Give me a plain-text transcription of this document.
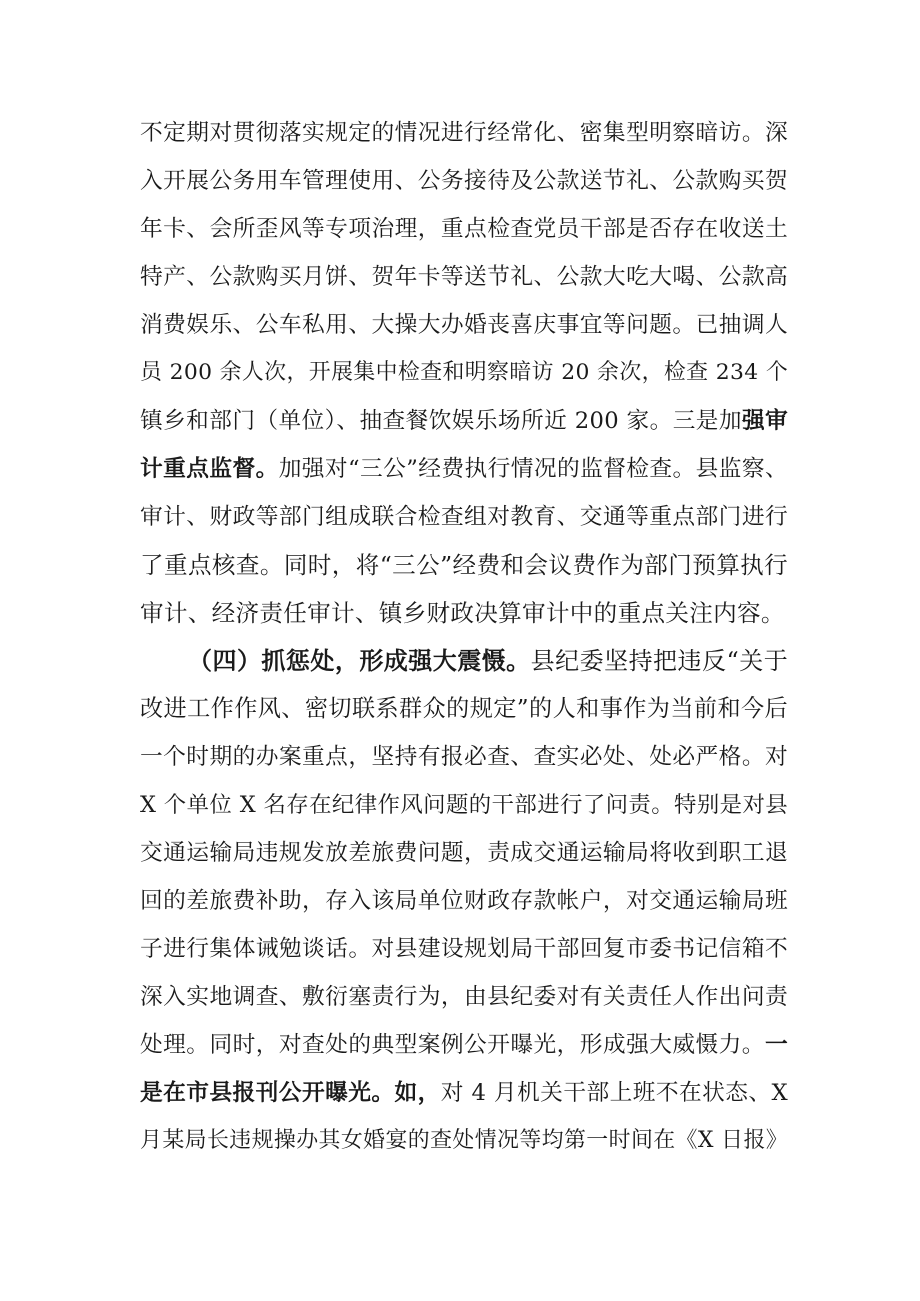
不定期对贯彻落实规定的情况进行经常化、密集型明察暗访。深
入开展公务用车管理使用、公务接待及公款送节礼、公款购买贺
年卡、会所歪风等专项治理，重点检查党员干部是否存在收送土
特产、公款购买月饼、贺年卡等送节礼、公款大吃大喝、公款高
消费娱乐、公车私用、大操大办婚丧喜庆事宜等问题。已抽调人
员 200 余人次，开展集中检查和明察暗访 20 余次，检查 234 个
镇乡和部门（单位）、抽查餐饮娱乐场所近 200 家。三是加强审
计重点监督。加强对“三公”经费执行情况的监督检查。县监察、
审计、财政等部门组成联合检查组对教育、交通等重点部门进行
了重点核查。同时，将“三公”经费和会议费作为部门预算执行
审计、经济责任审计、镇乡财政决算审计中的重点关注内容。
（四）抓惩处，形成强大震慑。县纪委坚持把违反“关于
改进工作作风、密切联系群众的规定”的人和事作为当前和今后
一个时期的办案重点，坚持有报必查、查实必处、处必严格。对
X 个单位 X 名存在纪律作风问题的干部进行了问责。特别是对县
交通运输局违规发放差旅费问题，责成交通运输局将收到职工退
回的差旅费补助，存入该局单位财政存款帐户，对交通运输局班
子进行集体诫勉谈话。对县建设规划局干部回复市委书记信箱不
深入实地调查、敷衍塞责行为，由县纪委对有关责任人作出问责
处理。同时，对查处的典型案例公开曝光，形成强大威慑力。一
是在市县报刊公开曝光。如，对 4 月机关干部上班不在状态、X
月某局长违规操办其女婚宴的查处情况等均第一时间在《X 日报》
